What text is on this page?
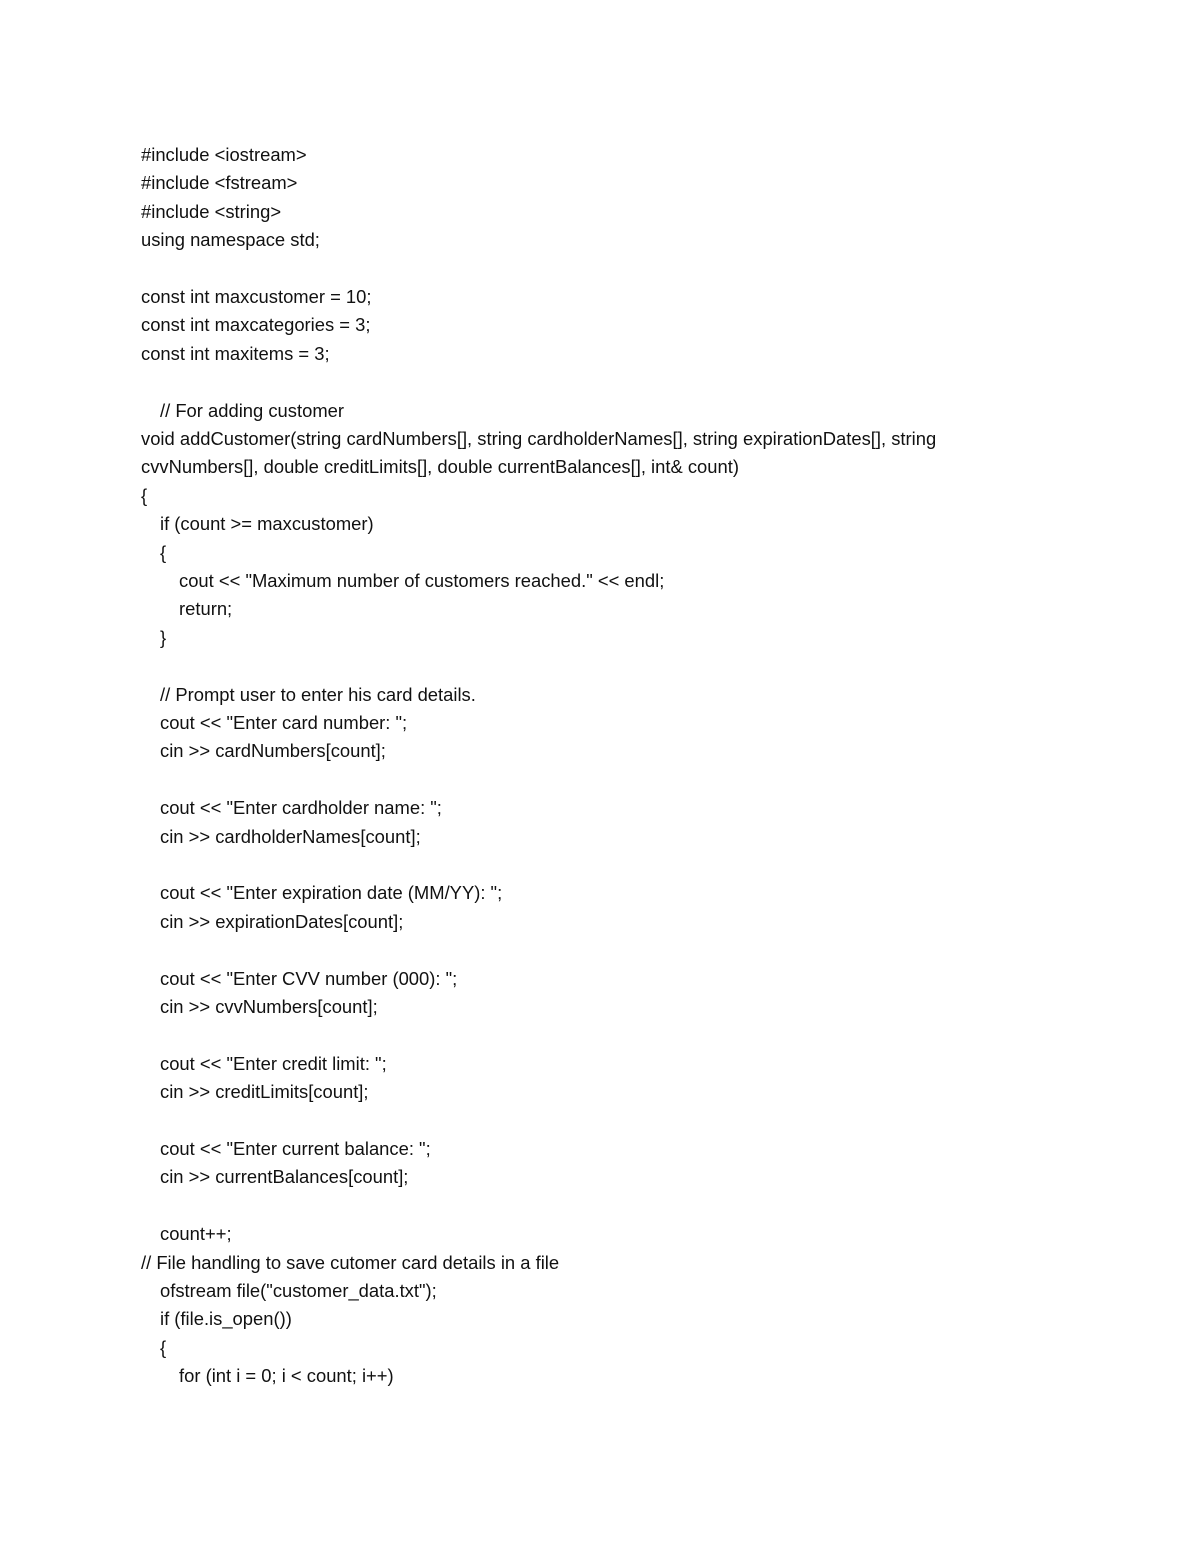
#include <iostream>
#include <fstream>
#include <string>
using namespace std;
const int maxcustomer = 10;
const int maxcategories = 3;
const int maxitems = 3;
// For adding customer
void addCustomer(string cardNumbers[], string cardholderNames[], string expirationDates[], string
cvvNumbers[], double creditLimits[], double currentBalances[], int& count)
{
if (count >= maxcustomer)
{
cout << "Maximum number of customers reached." << endl;
return;
}
// Prompt user to enter his card details.
cout << "Enter card number: ";
cin >> cardNumbers[count];
cout << "Enter cardholder name: ";
cin >> cardholderNames[count];
cout << "Enter expiration date (MM/YY): ";
cin >> expirationDates[count];
cout << "Enter CVV number (000): ";
cin >> cvvNumbers[count];
cout << "Enter credit limit: ";
cin >> creditLimits[count];
cout << "Enter current balance: ";
cin >> currentBalances[count];
count++;
// File handling to save cutomer card details in a file
ofstream file("customer_data.txt");
if (file.is_open())
{
for (int i = 0; i < count; i++)
